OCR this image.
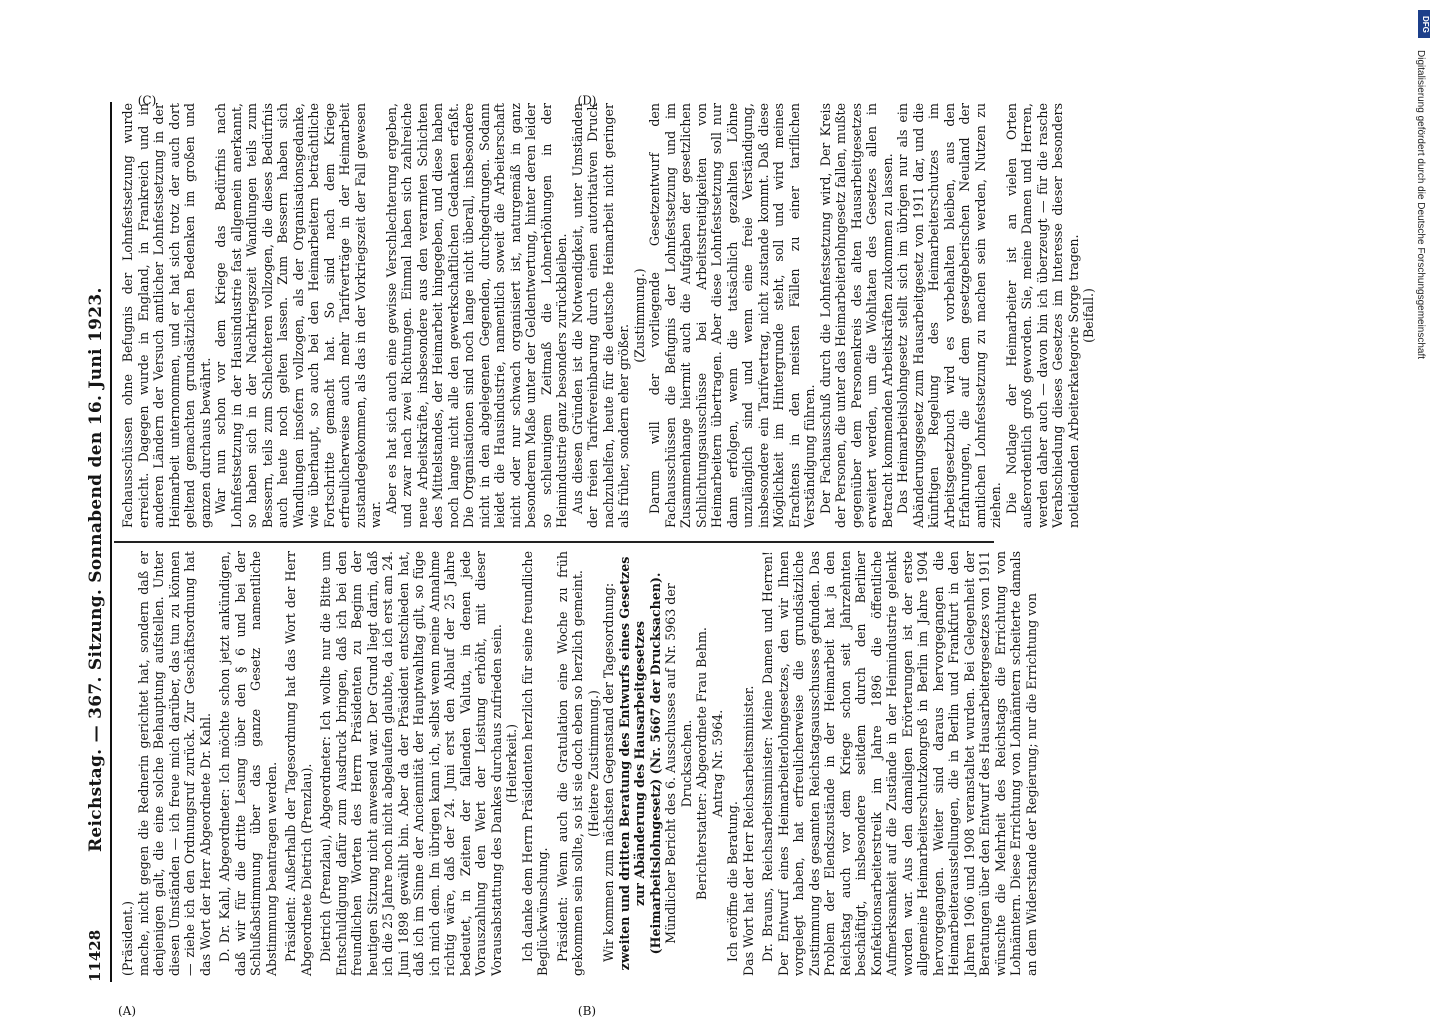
11428
Reichstag. — 367. Sitzung. Sonnabend den 16. Juni 1923.
(A)	(B)
(C)	(D)

(Präsident.) mache, nicht gegen die Rednerin gerichtet hat, sondern daß er denjenigen galt, die eine solche Behauptung aufstellen. Unter diesen Umständen — ich freue mich darüber, das tun zu können — ziehe ich den Ordnungsruf zurück. Zur Geschäftsordnung hat das Wort der Herr Abgeordnete Dr. Kahl. D. Dr. Kahl, Abgeordneter: Ich möchte schon jetzt ankündigen, daß wir für die dritte Lesung über den § 6 und bei der Schlußabstimmung über das ganze Gesetz namentliche Abstimmung beantragen werden. Präsident: Außerhalb der Tagesordnung hat das Wort der Herr Abgeordnete Dietrich (Prenzlau). Dietrich (Prenzlau), Abgeordneter: Ich wollte nur die Bitte um Entschuldigung dafür zum Ausdruck bringen, daß ich bei den freundlichen Worten des Herrn Präsidenten zu Beginn der heutigen Sitzung nicht anwesend war. Der Grund liegt darin, daß ich die 25 Jahre noch nicht abgelaufen glaubte, da ich erst am 24. Juni 1898 gewählt bin. Aber da der Präsident entschieden hat, daß ich im Sinne der Anciennität der Hauptwahltag gilt, so füge ich mich dem. Im übrigen kann ich, selbst wenn meine Annahme richtig wäre, daß der 24. Juni erst den Ablauf der 25 Jahre bedeutet, in Zeiten der fallenden Valuta, in denen jede Vorauszahlung den Wert der Leistung erhöht, mit dieser Vorausabstattung des Dankes durchaus zufrieden sein. (Heiterkeit.) Ich danke dem Herrn Präsidenten herzlich für seine freundliche Beglückwünschung. Präsident: Wenn auch die Gratulation eine Woche zu früh gekommen sein sollte, so ist sie doch eben so herzlich gemeint. (Heitere Zustimmung.) Wir kommen zum nächsten Gegenstand der Tagesordnung: zweiten und dritten Beratung des Entwurfs eines Gesetzes zur Abänderung des Hausarbeitgesetzes (Heimarbeitslohngesetz) (Nr. 5667 der Drucksachen). Mündlicher Bericht des 6. Ausschusses auf Nr. 5963 der Drucksachen. Berichterstatter: Abgeordnete Frau Behm. Antrag Nr. 5964.

Ich eröffne die Beratung. Das Wort hat der Herr Reichsarbeitsminister. Dr. Brauns, Reichsarbeitsminister: Meine Damen und Herren! Der Entwurf eines Heimarbeiterlohngesetzes, den wir Ihnen vorgelegt haben, hat erfreulicherweise die grundsätzliche Zustimmung des gesamten Reichstagsausschusses gefunden. Das Problem der Elendszustände in der Heimarbeit hat ja den Reichstag auch vor dem Kriege schon seit Jahrzehnten beschäftigt, insbesondere seitdem durch den Berliner Konfektionsarbeiterstreik im Jahre 1896 die öffentliche Aufmerksamkeit auf die Zustände in der Heimindustrie gelenkt worden war. Aus den damaligen Erörterungen ist der erste allgemeine Heimarbeiterschutzkongreß in Berlin im Jahre 1904 hervorgegangen. Weiter sind daraus hervorgegangen die Heimarbeiterausstellungen, die in Berlin und Frankfurt in den Jahren 1906 und 1908 veranstaltet wurden. Bei Gelegenheit der Beratungen über den Entwurf des Hausarbeitergesetzes von 1911 wünschte die Mehrheit des Reichstags die Errichtung von Lohnämtern. Diese Errichtung von Lohnämtern scheiterte damals an dem Widerstande der Regierung; nur die Errichtung von

Fachausschüssen ohne Befugnis der Lohnfestsetzung wurde erreicht. Dagegen wurde in England, in Frankreich und in anderen Ländern der Versuch amtlicher Lohnfestsetzung in der Heimarbeit unternommen, und er hat sich trotz der auch dort geltend gemachten grundsätzlichen Bedenken im großen und ganzen durchaus bewährt. War nun schon vor dem Kriege das Bedürfnis nach Lohnfestsetzung in der Hausindustrie fast allgemein anerkannt, so haben sich in der Nachkriegszeit Wandlungen teils zum Bessern, teils zum Schlechteren vollzogen, die dieses Bedürfnis auch heute noch gelten lassen. Zum Bessern haben sich Wandlungen insofern vollzogen, als der Organisationsgedanke, wie überhaupt, so auch bei den Heimarbeitern beträchtliche Fortschritte gemacht hat. So sind nach dem Kriege erfreulicherweise auch mehr Tarifverträge in der Heimarbeit zustandegekommen, als das in der Vorkriegszeit der Fall gewesen war.

Aber es hat sich auch eine gewisse Verschlechterung ergeben, und zwar nach zwei Richtungen. Einmal haben sich zahlreiche neue Arbeitskräfte, insbesondere aus den verarmten Schichten des Mittelstandes, der Heimarbeit hingegeben, und diese haben noch lange nicht alle den gewerkschaftlichen Gedanken erfaßt. Die Organisationen sind noch lange nicht überall, insbesondere nicht in den abgelegenen Gegenden, durchgedrungen. Sodann leidet die Hausindustrie, namentlich soweit die Arbeiterschaft nicht oder nur schwach organisiert ist, naturgemäß in ganz besonderem Maße unter der Geldentwertung, hinter deren leider so schleunigem Zeitmaß die Lohnerhöhungen in der Heimindustrie ganz besonders zurückbleiben. Aus diesen Gründen ist die Notwendigkeit, unter Umständen der freien Tarifvereinbarung durch einen autoritativen Druck nachzuhelfen, heute für die deutsche Heimarbeit nicht geringer als früher, sondern eher größer.

(Zustimmung.) Darum will der vorliegende Gesetzentwurf den Fachausschüssen die Befugnis der Lohnfestsetzung und im Zusammenhange hiermit auch die Aufgaben der gesetzlichen Schlichtungsausschüsse bei Arbeitsstreitigkeiten von Heimarbeitern übertragen. Aber diese Lohnfestsetzung soll nur dann erfolgen, wenn die tatsächlich gezahlten Löhne unzulänglich sind und wenn eine freie Verständigung, insbesondere ein Tarifvertrag, nicht zustande kommt. Daß diese Möglichkeit im Hintergrunde steht, soll und wird meines Erachtens in den meisten Fällen zu einer tariflichen Verständigung führen. Der Fachausschuß durch die Lohnfestsetzung wird, Der Kreis der Personen, die unter das Heimarbeiterlohngesetz fallen, mußte gegenüber dem Personenkreis des alten Hausarbeitgesetzes erweitert werden, um die Wohltaten des Gesetzes allen in Betracht kommenden Arbeitskräften zukommen zu lassen. Das Heimarbeitslohngesetz stellt sich im übrigen nur als ein Abänderungsgesetz zum Hausarbeitgesetz von 1911 dar, und die künftigen Regelung des Heimarbeiterschutzes im Arbeitsgesetzbuch wird es vorbehalten bleiben, aus den Erfahrungen, die auf dem gesetzgeberischen Neuland der amtlichen Lohnfestsetzung zu machen sein werden, Nutzen zu ziehen. Die Notlage der Heimarbeiter ist an vielen Orten außerordentlich groß geworden. Sie, meine Damen und Herren, werden daher auch — davon bin ich überzeugt — für die rasche Verabschiedung dieses Gesetzes im Interesse dieser besonders notleidenden Arbeiterkategorie Sorge tragen. (Beifall.)

DFG
Digitalisierung gefördert durch die Deutsche Forschungsgemeinschaft
